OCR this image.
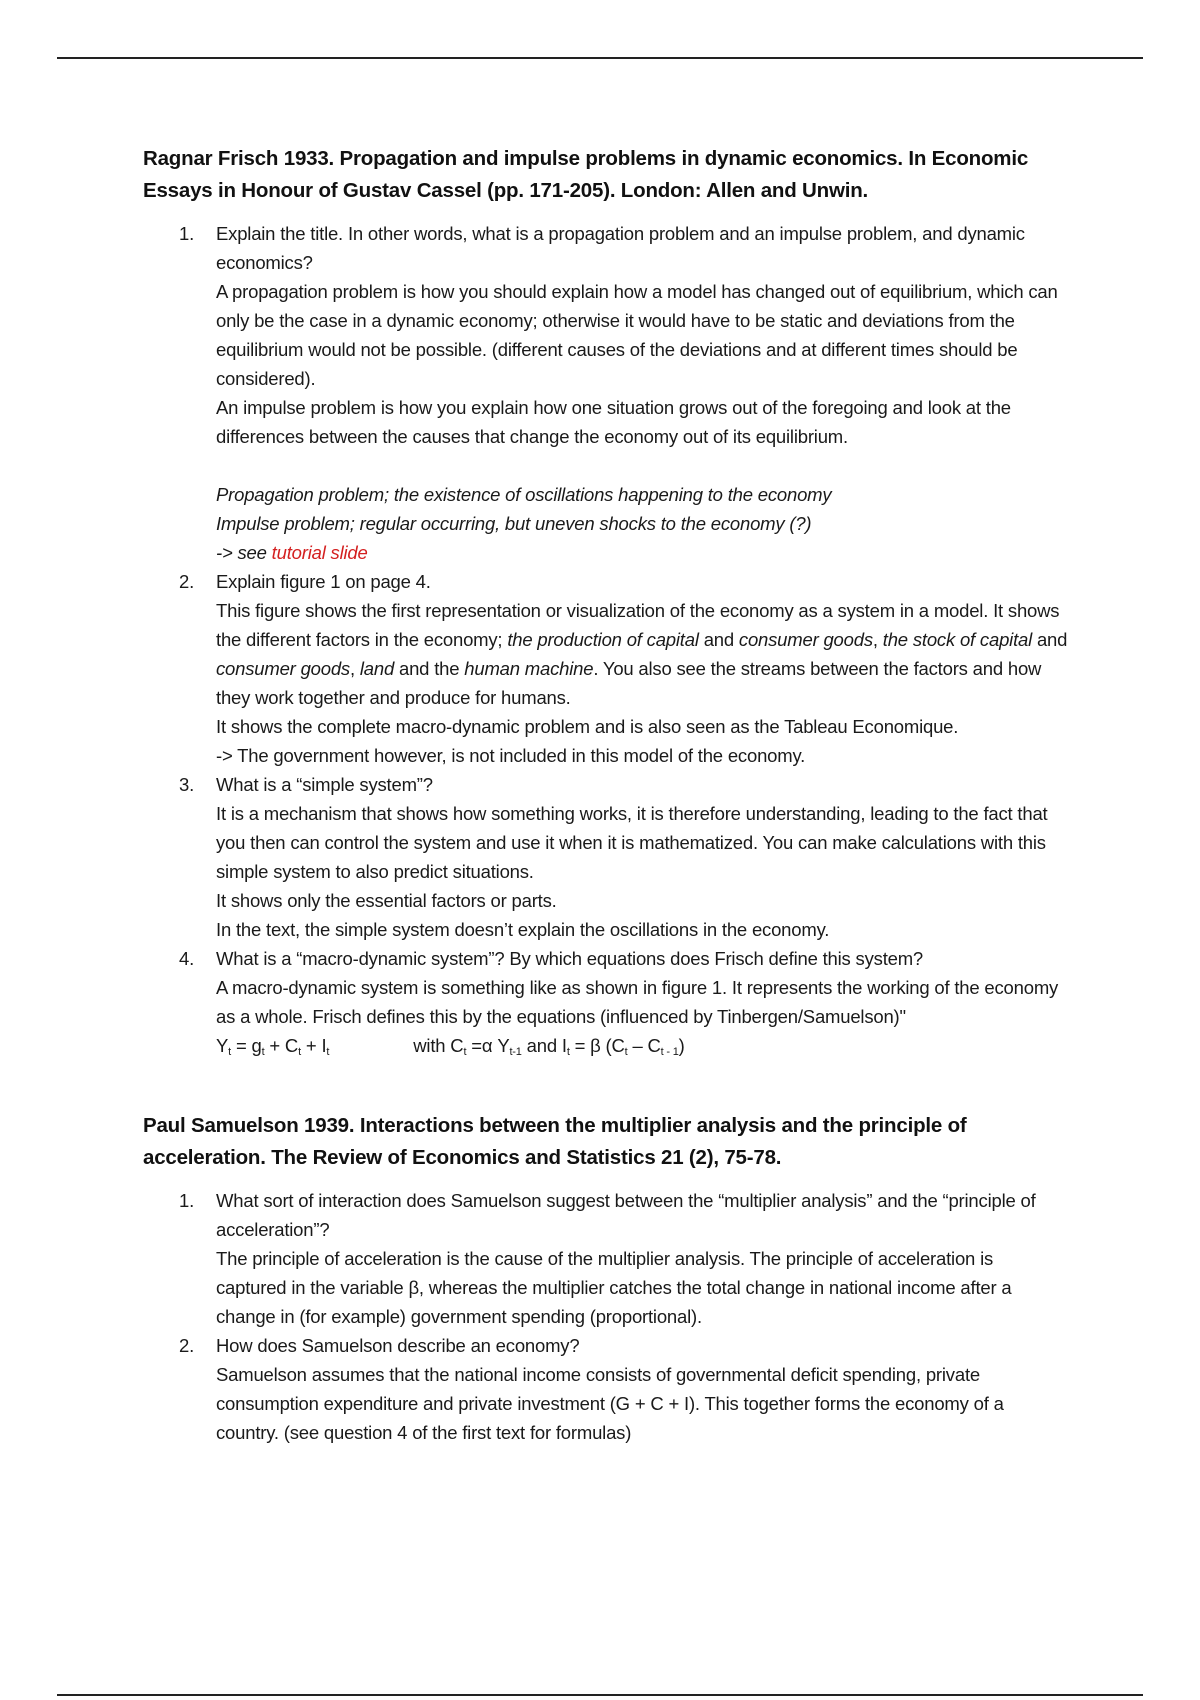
Ragnar Frisch 1933. Propagation and impulse problems in dynamic economics. In Economic Essays in Honour of Gustav Cassel (pp. 171-205). London: Allen and Unwin.
1. Explain the title. In other words, what is a propagation problem and an impulse problem, and dynamic economics?
A propagation problem is how you should explain how a model has changed out of equilibrium, which can only be the case in a dynamic economy; otherwise it would have to be static and deviations from the equilibrium would not be possible. (different causes of the deviations and at different times should be considered).
An impulse problem is how you explain how one situation grows out of the foregoing and look at the differences between the causes that change the economy out of its equilibrium.
Propagation problem; the existence of oscillations happening to the economy
Impulse problem; regular occurring, but uneven shocks to the economy (?)
-> see tutorial slide
2. Explain figure 1 on page 4.
This figure shows the first representation or visualization of the economy as a system in a model. It shows the different factors in the economy; the production of capital and consumer goods, the stock of capital and consumer goods, land and the human machine. You also see the streams between the factors and how they work together and produce for humans.
It shows the complete macro-dynamic problem and is also seen as the Tableau Economique.
-> The government however, is not included in this model of the economy.
3. What is a “simple system”?
It is a mechanism that shows how something works, it is therefore understanding, leading to the fact that you then can control the system and use it when it is mathematized. You can make calculations with this simple system to also predict situations.
It shows only the essential factors or parts.
In the text, the simple system doesn’t explain the oscillations in the economy.
4. What is a “macro-dynamic system”? By which equations does Frisch define this system?
A macro-dynamic system is something like as shown in figure 1. It represents the working of the economy as a whole. Frisch defines this by the equations (influenced by Tinbergen/Samuelson)"
$Y_t = g_t + C_t + I_t$	with $C_t =\alpha$ $Y_{t-1}$ and $I_t = \beta$ $(C_t - C_{t - 1})$
Paul Samuelson 1939. Interactions between the multiplier analysis and the principle of acceleration. The Review of Economics and Statistics 21 (2), 75-78.
1. What sort of interaction does Samuelson suggest between the “multiplier analysis” and the “principle of acceleration”?
The principle of acceleration is the cause of the multiplier analysis. The principle of acceleration is captured in the variable β, whereas the multiplier catches the total change in national income after a change in (for example) government spending (proportional).
2. How does Samuelson describe an economy?
Samuelson assumes that the national income consists of governmental deficit spending, private consumption expenditure and private investment (G + C + I). This together forms the economy of a country. (see question 4 of the first text for formulas)
